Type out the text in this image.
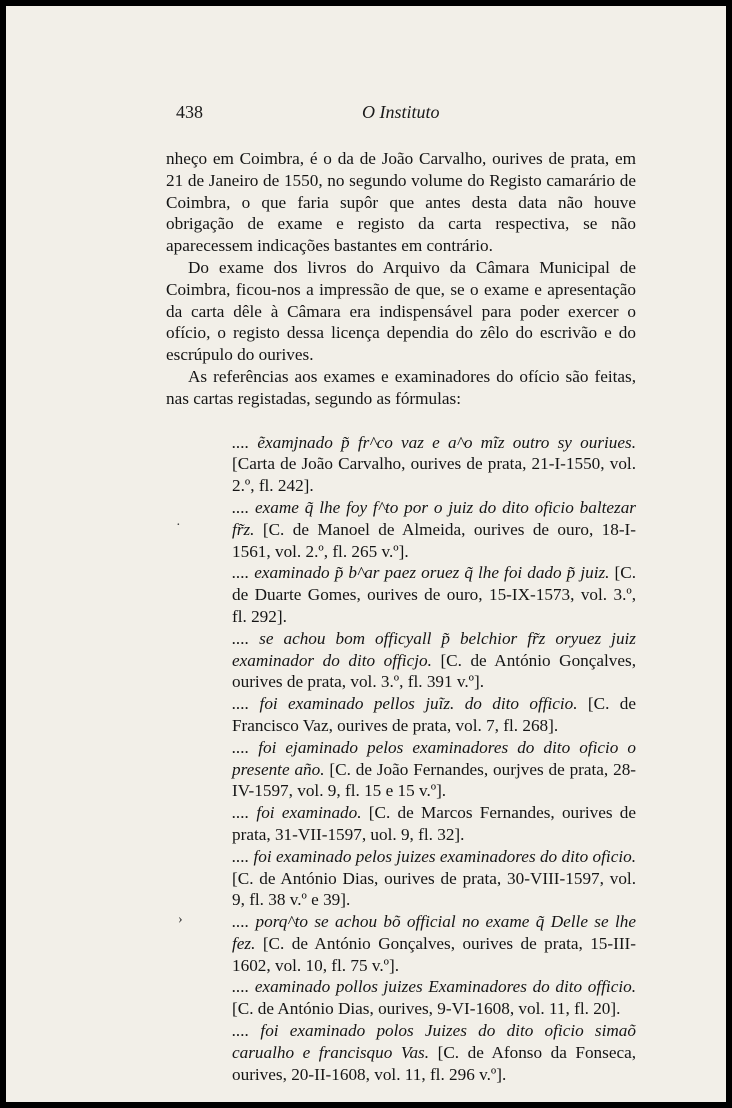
438	O Instituto

nheço em Coimbra, é o da de João Carvalho, ourives de prata, em 21 de Janeiro de 1550, no segundo volume do Registo camarário de Coimbra, o que faria supôr que antes desta data não houve obrigação de exame e registo da carta respectiva, se não aparecessem indicações bastantes em contrário.

Do exame dos livros do Arquivo da Câmara Municipal de Coimbra, ficou-nos a impressão de que, se o exame e apresentação da carta dêle à Câmara era indispensável para poder exercer o ofício, o registo dessa licença dependia do zêlo do escrivão e do escrúpulo do ourives.

As referências aos exames e examinadores do ofício são feitas, nas cartas registadas, segundo as fórmulas:

.... ẽxamjnado p̃ fr^co vaz e a^o mĩz outro sy ouriues. [Carta de João Carvalho, ourives de prata, 21-I-1550, vol. 2.º, fl. 242].

.... exame q̃ lhe foy f^to por o juiz do dito oficio baltezar fr̃z. [C. de Manoel de Almeida, ourives de ouro, 18-I-1561, vol. 2.º, fl. 265 v.º].

.... examinado p̃ b^ar paez oruez q̃ lhe foi dado p̃ juiz. [C. de Duarte Gomes, ourives de ouro, 15-IX-1573, vol. 3.º, fl. 292].

.... se achou bom officyall p̃ belchior fr̃z oryuez juiz examinador do dito officjo. [C. de António Gonçalves, ourives de prata, vol. 3.º, fl. 391 v.º].

.... foi examinado pellos juĩz. do dito officio. [C. de Francisco Vaz, ourives de prata, vol. 7, fl. 268].

.... foi ejaminado pelos examinadores do dito oficio o presente año. [C. de João Fernandes, ourjves de prata, 28-IV-1597, vol. 9, fl. 15 e 15 v.º].

.... foi examinado. [C. de Marcos Fernandes, ourives de prata, 31-VII-1597, uol. 9, fl. 32].

.... foi examinado pelos juizes examinadores do dito oficio. [C. de António Dias, ourives de prata, 30-VIII-1597, vol. 9, fl. 38 v.º e 39].

.... porq^to se achou bõ official no exame q̃ Delle se lhe fez. [C. de António Gonçalves, ourives de prata, 15-III-1602, vol. 10, fl. 75 v.º].

.... examinado pollos juizes Examinadores do dito officio. [C. de António Dias, ourives, 9-VI-1608, vol. 11, fl. 20].

.... foi examinado polos Juizes do dito oficio simaõ carualho e francisquo Vas. [C. de Afonso da Fonseca, ourives, 20-II-1608, vol. 11, fl. 296 v.º].

·
›
